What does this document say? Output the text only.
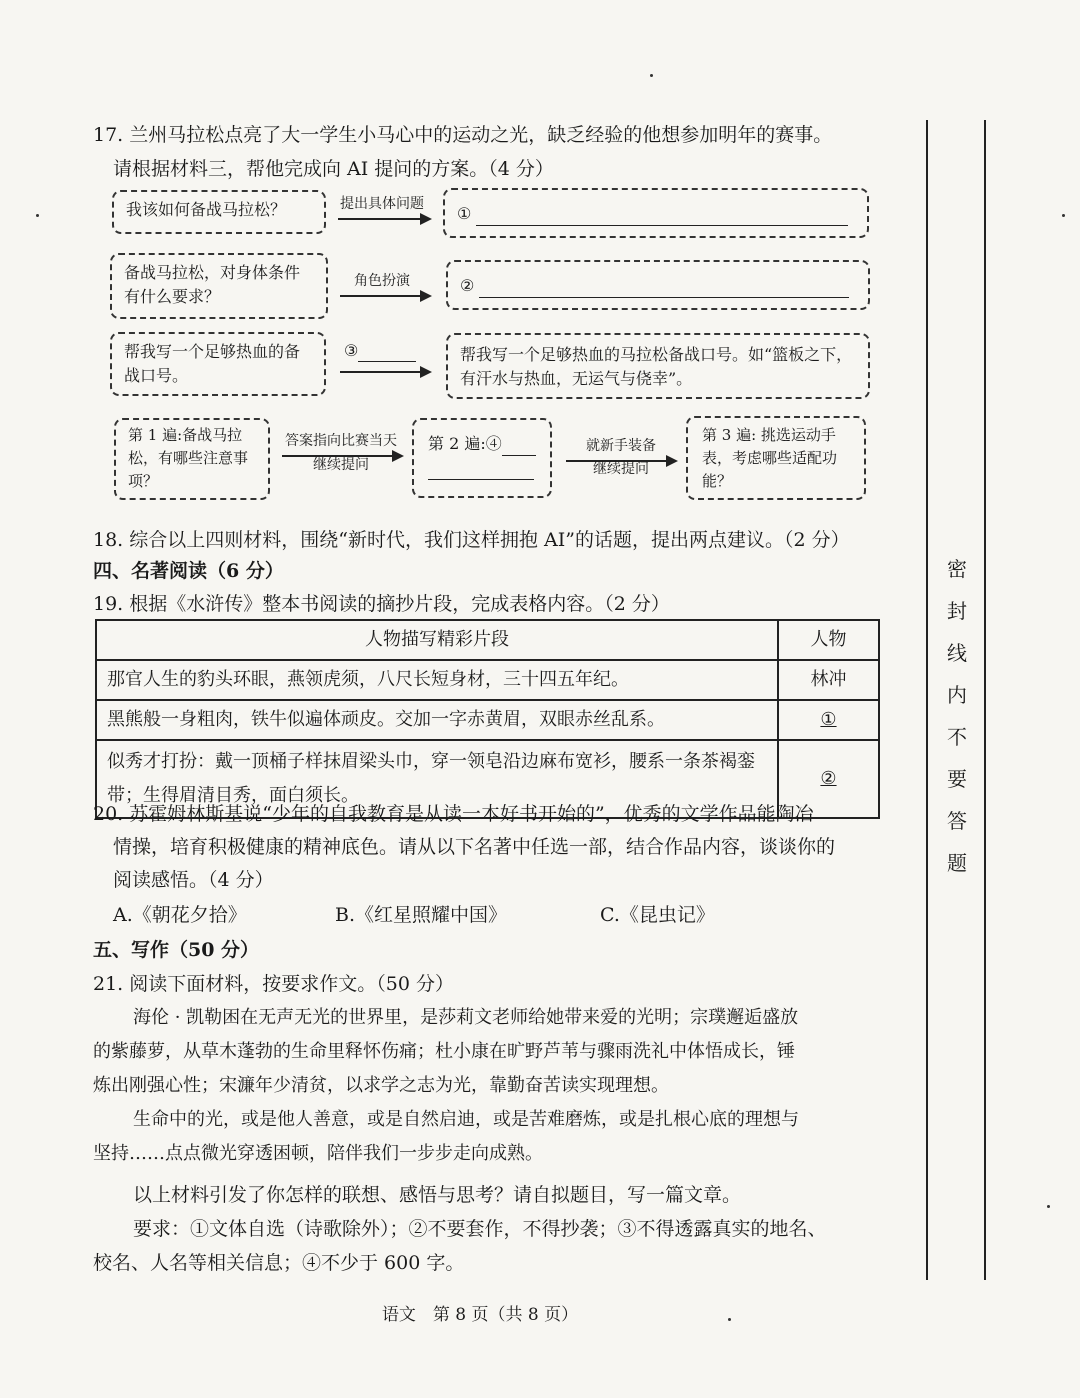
17. 兰州马拉松点亮了大一学生小马心中的运动之光，缺乏经验的他想参加明年的赛事。
请根据材料三，帮他完成向 AI 提问的方案。（4 分）
我该如何备战马拉松？	提出具体问题	①
备战马拉松，对身体条件有什么要求？
角色扮演	②
帮我写一个足够热血的备战口号。
③	帮我写一个足够热血的马拉松备战口号。如“篮板之下，有汗水与热血，无运气与侥幸”。
第 1 遍:备战马拉松，有哪些注意事项？
答案指向比赛当天
继续提问
第 2 遍:④	就新手装备
继续提问
第 3 遍: 挑选运动手表，考虑哪些适配功能？
18. 综合以上四则材料，围绕“新时代，我们这样拥抱 AI”的话题，提出两点建议。（2 分）
四、名著阅读（6 分）
19. 根据《水浒传》整本书阅读的摘抄片段，完成表格内容。（2 分）
人物描写精彩片段	人物
那官人生的豹头环眼，燕领虎须，八尺长短身材，三十四五年纪。	林冲
黑熊般一身粗肉，铁牛似遍体顽皮。交加一字赤黄眉，双眼赤丝乱系。	①
似秀才打扮：戴一顶桶子样抹眉梁头巾，穿一领皂沿边麻布宽衫，腰系一条茶褐銮带；生得眉清目秀，面白须长。	②
20. 苏霍姆林斯基说“少年的自我教育是从读一本好书开始的”，优秀的文学作品能陶冶
情操，培育积极健康的精神底色。请从以下名著中任选一部，结合作品内容，谈谈你的
阅读感悟。（4 分）
A.《朝花夕拾》	B.《红星照耀中国》	C.《昆虫记》
五、写作（50 分）
21. 阅读下面材料，按要求作文。（50 分）
海伦 · 凯勒困在无声无光的世界里，是莎莉文老师给她带来爱的光明；宗璞邂逅盛放
的紫藤萝，从草木蓬勃的生命里释怀伤痛；杜小康在旷野芦苇与骤雨洗礼中体悟成长，锤
炼出刚强心性；宋濂年少清贫，以求学之志为光，靠勤奋苦读实现理想。
生命中的光，或是他人善意，或是自然启迪，或是苦难磨炼，或是扎根心底的理想与
坚持……点点微光穿透困顿，陪伴我们一步步走向成熟。
以上材料引发了你怎样的联想、感悟与思考？请自拟题目，写一篇文章。
要求：①文体自选（诗歌除外）；②不要套作，不得抄袭；③不得透露真实的地名、
校名、人名等相关信息；④不少于 600 字。
密封线内不要答题
语文　第 8 页（共 8 页）
